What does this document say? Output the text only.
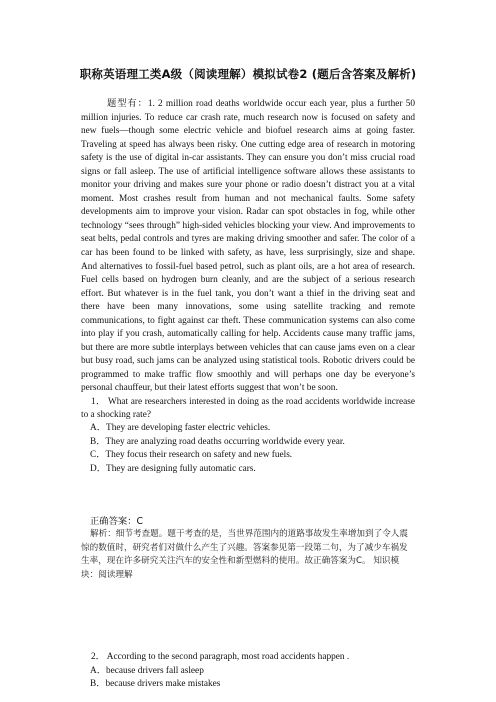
职称英语理工类A级（阅读理解）模拟试卷2 (题后含答案及解析)

题型有：1. 2 million road deaths worldwide occur each year, plus a further 50 million injuries. To reduce car crash rate, much research now is focused on safety and new fuels—though some electric vehicle and biofuel research aims at going faster. Traveling at speed has always been risky. One cutting edge area of research in motoring safety is the use of digital in-car assistants. They can ensure you don’t miss crucial road signs or fall asleep. The use of artificial intelligence software allows these assistants to monitor your driving and makes sure your phone or radio doesn’t distract you at a vital moment. Most crashes result from human and not mechanical faults. Some safety developments aim to improve your vision. Radar can spot obstacles in fog, while other technology “sees through” high-sided vehicles blocking your view. And improvements to seat belts, pedal controls and tyres are making driving smoother and safer. The color of a car has been found to be linked with safety, as have, less surprisingly, size and shape. And alternatives to fossil-fuel based petrol, such as plant oils, are a hot area of research. Fuel cells based on hydrogen burn cleanly, and are the subject of a serious research effort. But whatever is in the fuel tank, you don’t want a thief in the driving seat and there have been many innovations, some using satellite tracking and remote communications, to fight against car theft. These communication systems can also come into play if you crash, automatically calling for help. Accidents cause many traffic jams, but there are more subtle interplays between vehicles that can cause jams even on a clear but busy road, such jams can be analyzed using statistical tools. Robotic drivers could be programmed to make traffic flow smoothly and will perhaps one day be everyone’s personal chauffeur, but their latest efforts suggest that won’t be soon.

1． What are researchers interested in doing as the road accidents worldwide increase to a shocking rate?

A．They are developing faster electric vehicles.
B．They are analyzing road deaths occurring worldwide every year.
C．They focus their research on safety and new fuels.
D．They are designing fully automatic cars.
正确答案：C

解析：细节考查题。题干考查的是，当世界范围内的道路事故发生率增加到了令人震惊的数值时，研究者们对做什么产生了兴趣。答案参见第一段第二句，为了减少车祸发生率，现在许多研究关注汽车的安全性和新型燃料的使用。故正确答案为C。 知识模块：阅读理解

2． According to the second paragraph, most road accidents happen .

A．because drivers fall asleep
B．because drivers make mistakes
